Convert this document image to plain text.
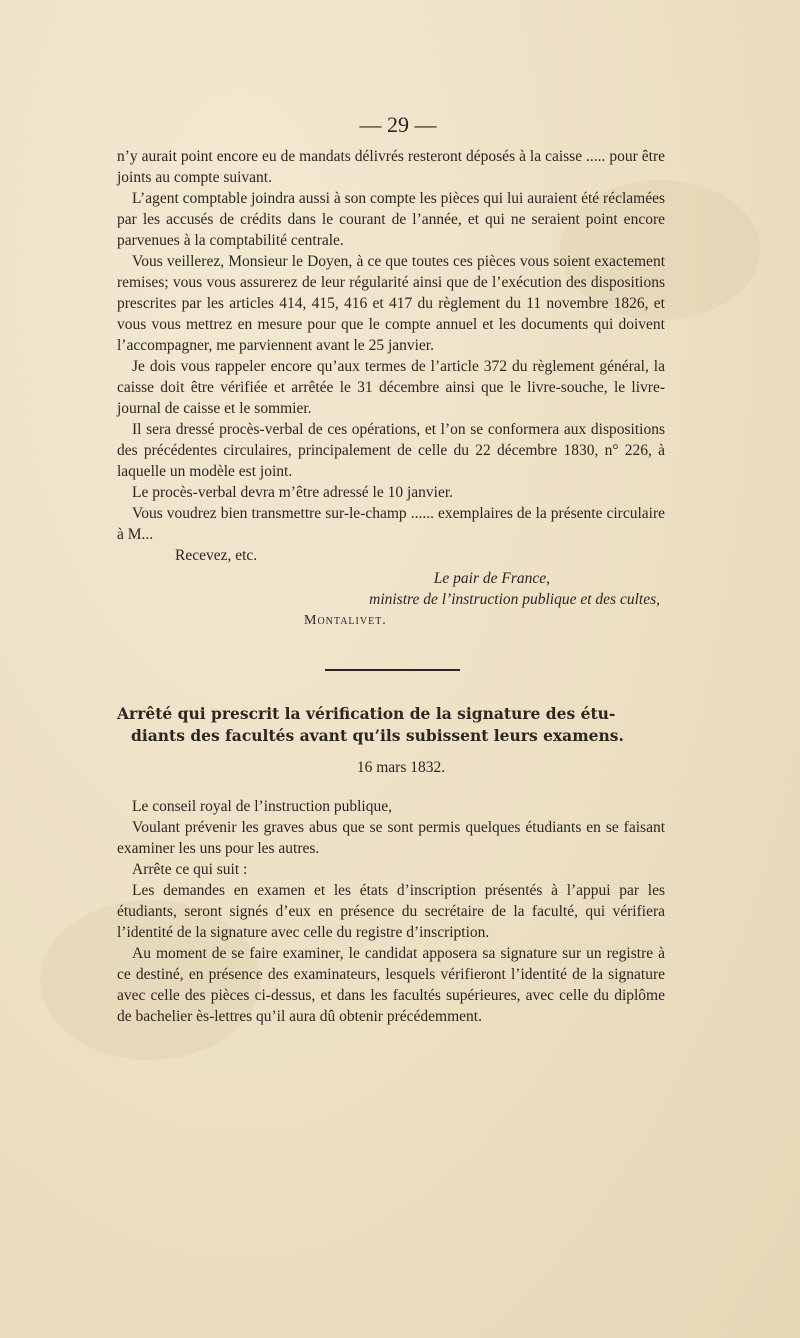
— 29 —

n’y aurait point encore eu de mandats délivrés resteront déposés à la caisse ..... pour être joints au compte suivant.

L’agent comptable joindra aussi à son compte les pièces qui lui auraient été réclamées par les accusés de crédits dans le courant de l’année, et qui ne seraient point encore parvenues à la comptabilité centrale.

Vous veillerez, Monsieur le Doyen, à ce que toutes ces pièces vous soient exactement remises; vous vous assurerez de leur régularité ainsi que de l’exécution des dispositions prescrites par les articles 414, 415, 416 et 417 du règlement du 11 novembre 1826, et vous vous mettrez en mesure pour que le compte annuel et les documents qui doivent l’accompagner, me parviennent avant le 25 janvier.

Je dois vous rappeler encore qu’aux termes de l’article 372 du règlement général, la caisse doit être vérifiée et arrêtée le 31 décembre ainsi que le livre-souche, le livre-journal de caisse et le sommier.

Il sera dressé procès-verbal de ces opérations, et l’on se conformera aux dispositions des précédentes circulaires, principalement de celle du 22 décembre 1830, n° 226, à laquelle un modèle est joint.

Le procès-verbal devra m’être adressé le 10 janvier.

Vous voudrez bien transmettre sur-le-champ ...... exemplaires de la présente circulaire à M...

Recevez, etc.

Le pair de France,

ministre de l’instruction publique et des cultes,

Montalivet.

Arrêté qui prescrit la vérification de la signature des étu-
diants des facultés avant qu’ils subissent leurs examens.
16 mars 1832.

Le conseil royal de l’instruction publique,

Voulant prévenir les graves abus que se sont permis quelques étudiants en se faisant examiner les uns pour les autres.

Arrête ce qui suit :

Les demandes en examen et les états d’inscription présentés à l’appui par les étudiants, seront signés d’eux en présence du secrétaire de la faculté, qui vérifiera l’identité de la signature avec celle du registre d’inscription.

Au moment de se faire examiner, le candidat apposera sa signature sur un registre à ce destiné, en présence des examinateurs, lesquels vérifieront l’identité de la signature avec celle des pièces ci-dessus, et dans les facultés supérieures, avec celle du diplôme de bachelier ès-lettres qu’il aura dû obtenir précédemment.
